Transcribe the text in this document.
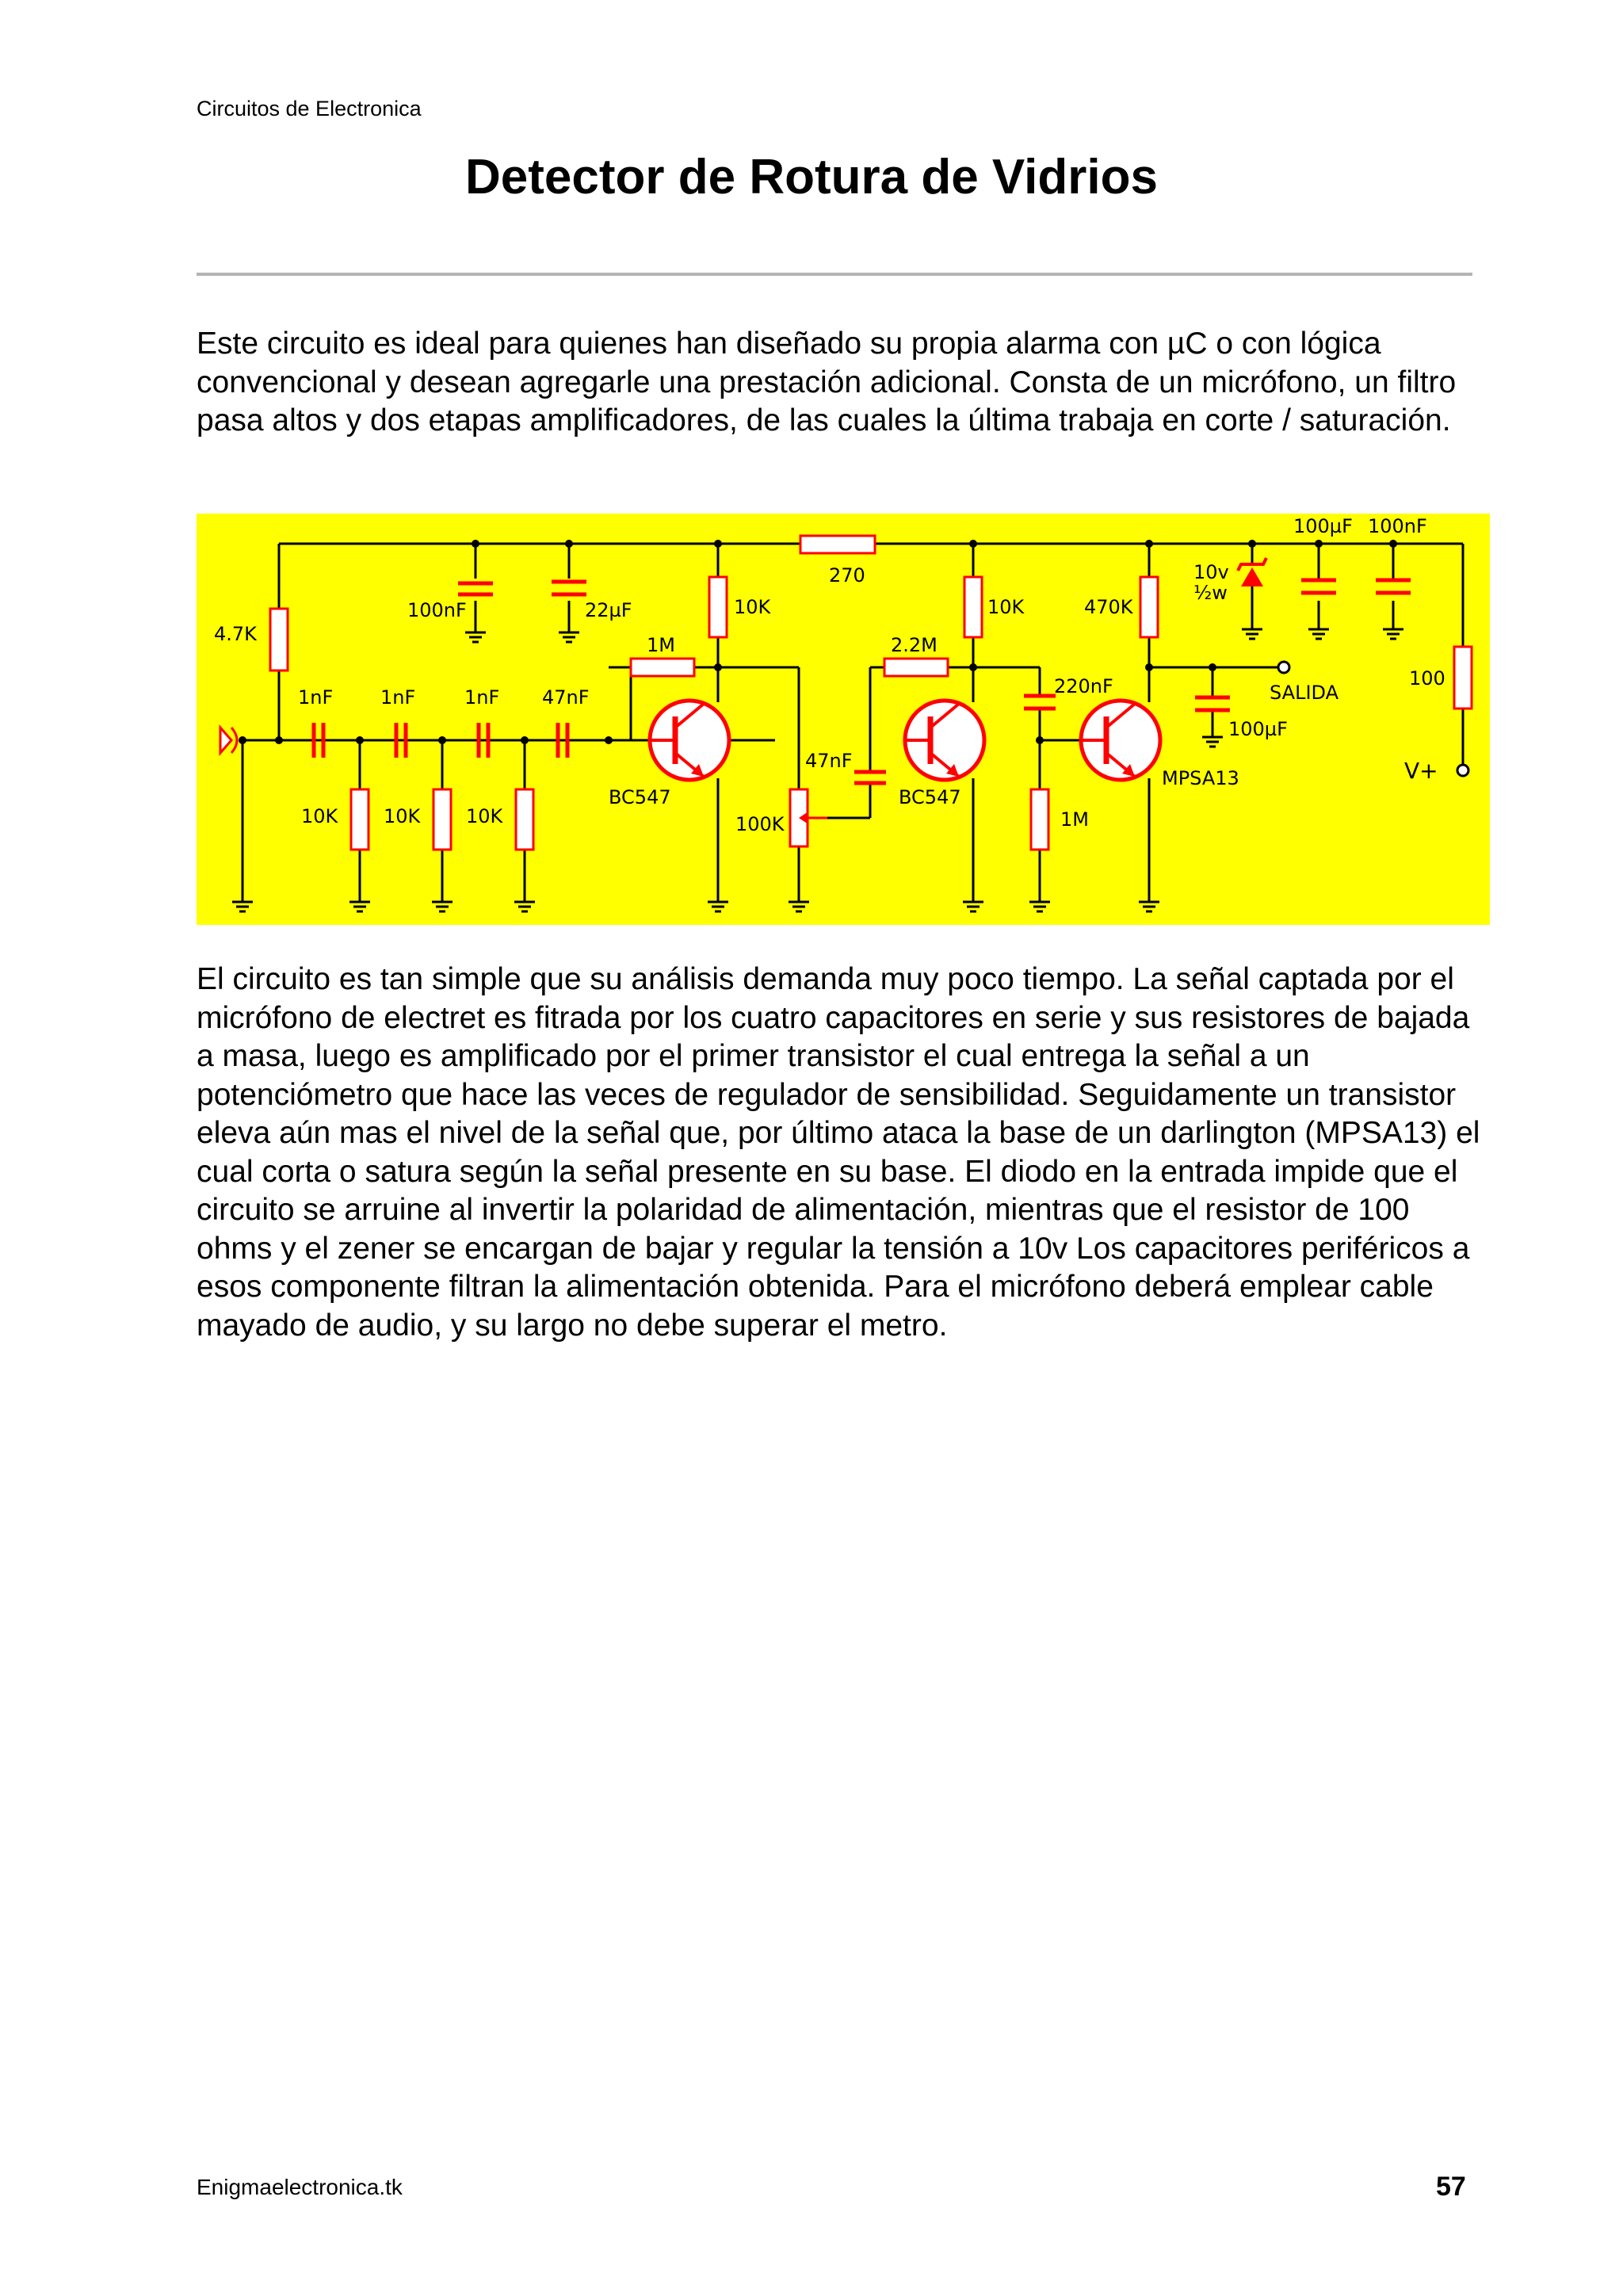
Circuitos de Electronica
Detector de Rotura de Vidrios

Este circuito es ideal para quienes han diseñado su propia alarma con µC o con lógica convencional y desean agregarle una prestación adicional. Consta de un micrófono, un filtro pasa altos y dos etapas amplificadores, de las cuales la última trabaja en corte / saturación.

4.7K
100nF	22µF
270
10K
1M	2.2M
10K	470K
10v
½w
100µF 100nF
1nF 1nF	1nF 47nF	220nF
10K 10K 10K
47nF
100K
BC547	BC547
MPSA13
1M
SALIDA
100µF
100
V+

El circuito es tan simple que su análisis demanda muy poco tiempo. La señal captada por el micrófono de electret es fitrada por los cuatro capacitores en serie y sus resistores de bajada a masa, luego es amplificado por el primer transistor el cual entrega la señal a un potenciómetro que hace las veces de regulador de sensibilidad. Seguidamente un transistor eleva aún mas el nivel de la señal que, por último ataca la base de un darlington (MPSA13) el cual corta o satura según la señal presente en su base. El diodo en la entrada impide que el circuito se arruine al invertir la polaridad de alimentación, mientras que el resistor de 100 ohms y el zener se encargan de bajar y regular la tensión a 10v Los capacitores periféricos a esos componente filtran la alimentación obtenida. Para el micrófono deberá emplear cable mayado de audio, y su largo no debe superar el metro.

Enigmaelectronica.tk	57
